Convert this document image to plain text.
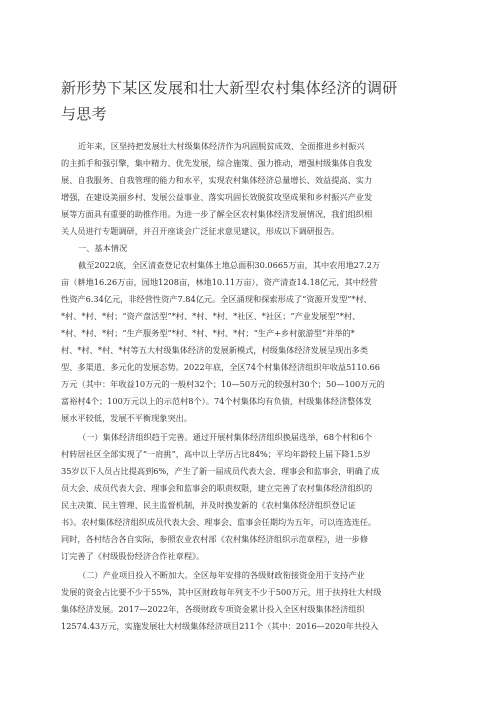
新形势下某区发展和壮大新型农村集体经济的调研
与思考

近年来，区坚持把发展壮大村级集体经济作为巩固脱贫成效、全面推进乡村振兴
的主抓手和强引擎，集中精力、优先发展，综合施策、强力推动，增强村级集体自我发
展、自我服务、自我管理的能力和水平，实现农村集体经济总量增长、效益提高、实力
增强，在建设美丽乡村、发展公益事业、落实巩固长效脱贫攻坚成果和乡村振兴产业发
展等方面具有重要的助推作用。为进一步了解全区农村集体经济发展情况，我们组织相
关人员进行专题调研，并召开座谈会广泛征求意见建议，形成以下调研报告。

一、基本情况

截至2022底，全区清查登记农村集体土地总面积30.0665万亩，其中农用地27.2万
亩（耕地16.26万亩，园地1208亩，林地10.11万亩），资产清查14.18亿元，其中经营
性资产6.34亿元，非经营性资产7.84亿元。全区涌现和探索形成了“资源开发型”*村、
*村、*村、*村；“资产盘活型”*村、*村、*村、*社区、*社区；“产业发展型”*村、
*村、*村、*村；“生产服务型”*村、*村、*村、*村；“生产+乡村旅游型”并举的*
村、*村、*村、*村等五大村级集体经济的发展新模式，村级集体经济发展呈现出多类
型、多渠道、多元化的发展态势。2022年底，全区74个村集体经济组织年收益5110.66
万元（其中：年收益10万元的一般村32个；10—50万元的较强村30个；50—100万元的
富裕村4个；100万元以上的示范村8个）。74个村集体均有负债，村级集体经济整体发
展水平较低，发展不平衡现象突出。

（一）集体经济组织趋于完善。通过开展村集体经济组织换届选举，68个村和6个
村转居社区全部实现了“一肩挑”，高中以上学历占比84%；平均年龄较上届下降1.5岁
35岁以下人员占比提高到6%，产生了新一届成员代表大会、理事会和监事会，明确了成
员大会、成员代表大会、理事会和监事会的职责权限，建立完善了农村集体经济组织的
民主决策、民主管理、民主监督机制，并及时换发新的《农村集体经济组织登记证
书》。农村集体经济组织成员代表大会、理事会、监事会任期均为五年，可以连选连任。
同时，各村结合各自实际，参照农业农村部《农村集体经济组织示范章程》，进一步修
订完善了《村级股份经济合作社章程》。

（二）产业项目投入不断加大。全区每年安排的各级财政衔接资金用于支持产业
发展的资金占比要不少于55%，其中区财政每年列支不少于500万元，用于扶持壮大村级
集体经济发展。2017—2022年，各级财政专项资金累计投入全区村级集体经济组织
12574.43万元，实施发展壮大村级集体经济项目211个（其中：2016—2020年共投入
